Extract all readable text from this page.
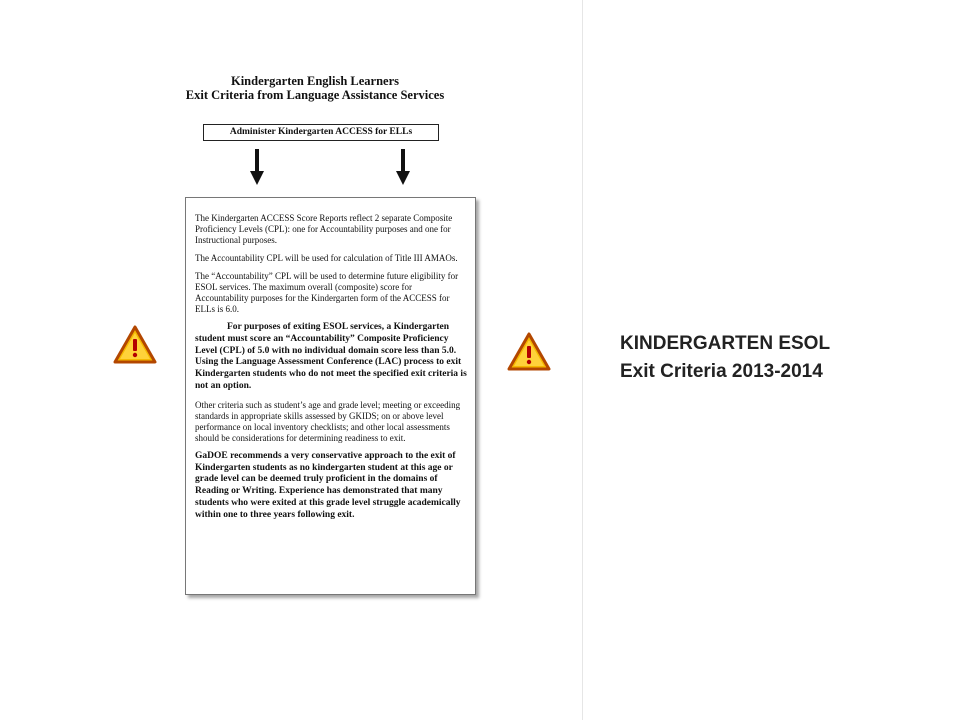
Kindergarten English Learners
Exit Criteria from Language Assistance Services
Administer Kindergarten ACCESS for ELLs

The Kindergarten ACCESS Score Reports reflect 2 separate Composite Proficiency Levels (CPL): one for Accountability purposes and one for Instructional purposes.

The Accountability CPL will be used for calculation of Title III AMAOs.

The “Accountability” CPL will be used to determine future eligibility for ESOL services. The maximum overall (composite) score for Accountability purposes for the Kindergarten form of the ACCESS for ELLs is 6.0.

For purposes of exiting ESOL services, a Kindergarten student must score an “Accountability” Composite Proficiency Level (CPL) of 5.0 with no individual domain score less than 5.0. Using the Language Assessment Conference (LAC) process to exit Kindergarten students who do not meet the specified exit criteria is not an option.

Other criteria such as student’s age and grade level; meeting or exceeding standards in appropriate skills assessed by GKIDS; on or above level performance on local inventory checklists; and other local assessments should be considerations for determining readiness to exit.

GaDOE recommends a very conservative approach to the exit of Kindergarten students as no kindergarten student at this age or grade level can be deemed truly proficient in the domains of Reading or Writing. Experience has demonstrated that many students who were exited at this grade level struggle academically within one to three years following exit.

KINDERGARTEN ESOL
Exit Criteria 2013-2014
